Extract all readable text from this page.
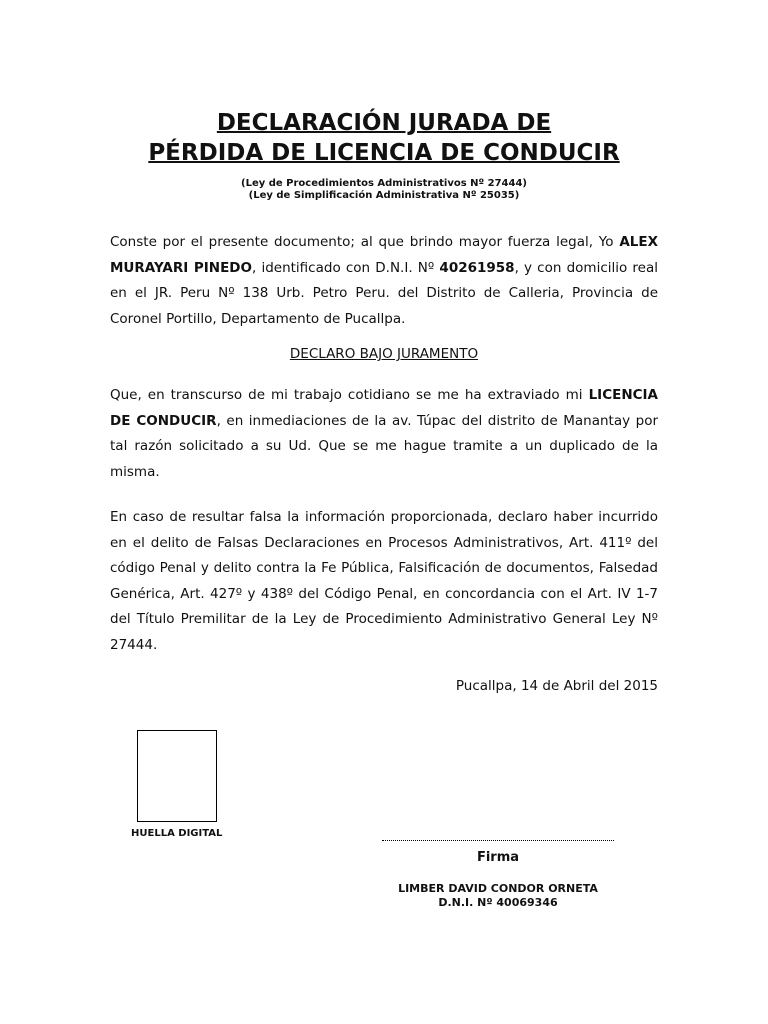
DECLARACIÓN JURADA DE
PÉRDIDA DE LICENCIA DE CONDUCIR
(Ley de Procedimientos Administrativos Nº 27444)
(Ley de Simplificación Administrativa Nº 25035)

Conste por el presente documento; al que brindo mayor fuerza legal, Yo ALEX MURAYARI PINEDO, identificado con D.N.I. Nº 40261958, y con domicilio real en el JR. Peru Nº 138 Urb. Petro Peru. del Distrito de Calleria, Provincia de Coronel Portillo, Departamento de Pucallpa.

DECLARO BAJO JURAMENTO

Que, en transcurso de mi trabajo cotidiano se me ha extraviado mi LICENCIA DE CONDUCIR, en inmediaciones de la av. Túpac del distrito de Manantay por tal razón solicitado a su Ud. Que se me hague tramite a un duplicado de la misma.

En caso de resultar falsa la información proporcionada, declaro haber incurrido en el delito de Falsas Declaraciones en Procesos Administrativos, Art. 411º del código Penal y delito contra la Fe Pública, Falsificación de documentos, Falsedad Genérica, Art. 427º y 438º del Código Penal, en concordancia con el Art. IV 1-7 del Título Premilitar de la Ley de Procedimiento Administrativo General Ley Nº 27444.

Pucallpa, 14 de Abril del 2015
HUELLA DIGITAL
Firma
LIMBER DAVID CONDOR ORNETA
D.N.I. Nº 40069346
